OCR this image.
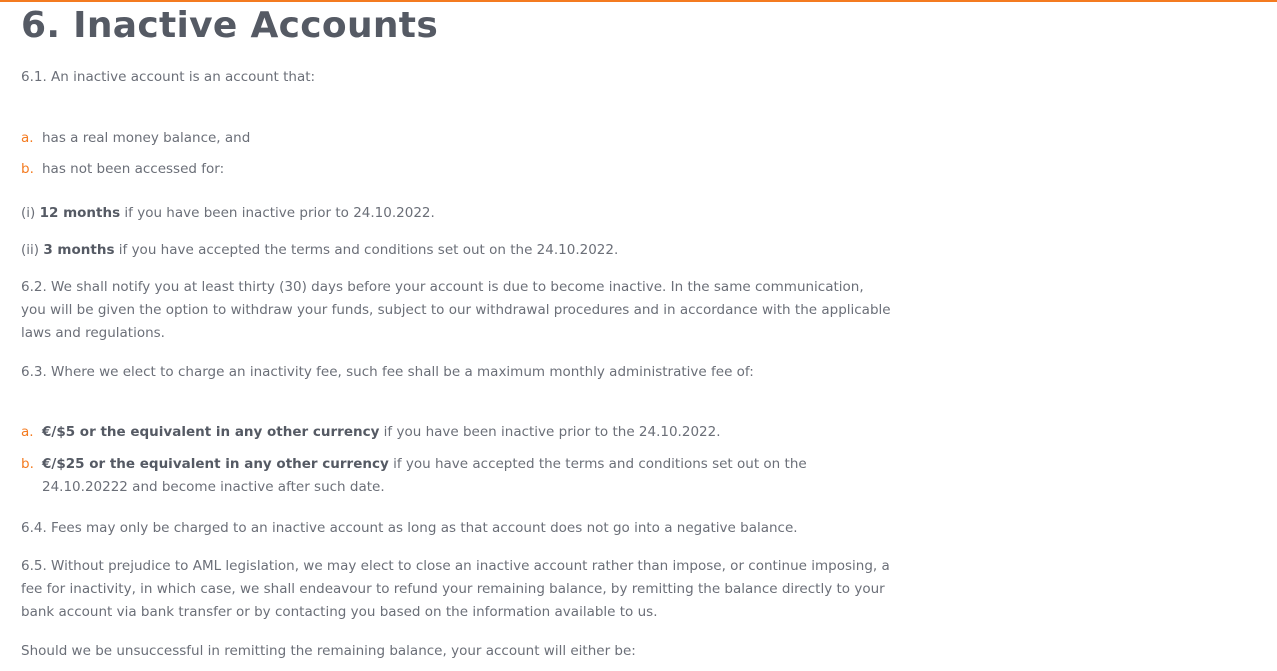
6. Inactive Accounts

6.1. An inactive account is an account that:

a. has a real money balance, and
b. has not been accessed for:

(i) 12 months if you have been inactive prior to 24.10.2022.

(ii) 3 months if you have accepted the terms and conditions set out on the 24.10.2022.

6.2. We shall notify you at least thirty (30) days before your account is due to become inactive. In the same communication, you will be given the option to withdraw your funds, subject to our withdrawal procedures and in accordance with the applicable laws and regulations.

6.3. Where we elect to charge an inactivity fee, such fee shall be a maximum monthly administrative fee of:

a. €/$5 or the equivalent in any other currency if you have been inactive prior to the 24.10.2022.
b. €/$25 or the equivalent in any other currency if you have accepted the terms and conditions set out on the 24.10.20222 and become inactive after such date.

6.4. Fees may only be charged to an inactive account as long as that account does not go into a negative balance.

6.5. Without prejudice to AML legislation, we may elect to close an inactive account rather than impose, or continue imposing, a fee for inactivity, in which case, we shall endeavour to refund your remaining balance, by remitting the balance directly to your bank account via bank transfer or by contacting you based on the information available to us.

Should we be unsuccessful in remitting the remaining balance, your account will either be:
